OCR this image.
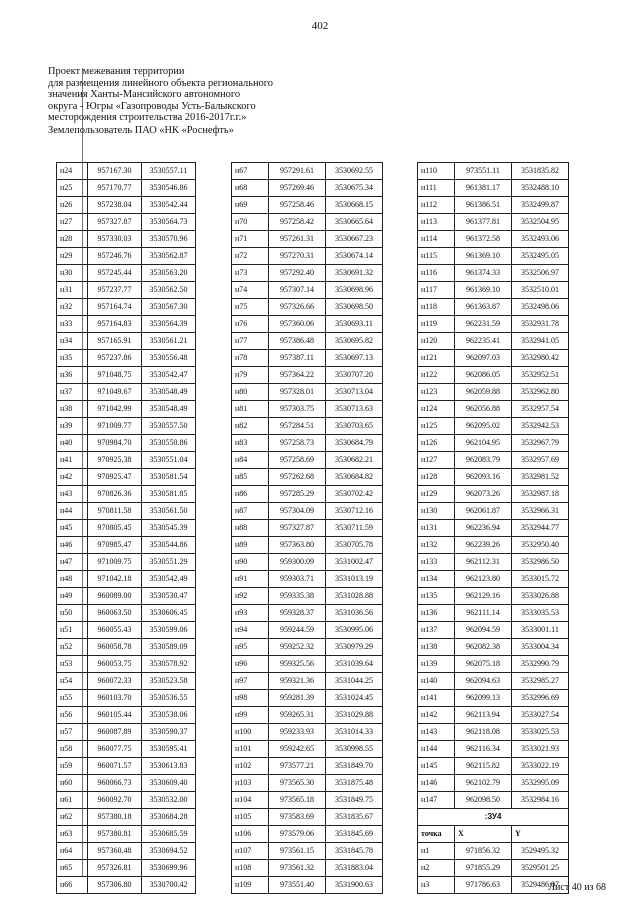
402
Проект межевания территории
для размещения линейного объекта регионального
значения Ханты-Мансийского автономного
округа - Югры «Газопроводы Усть-Балыкского
месторождения строительства 2016-2017г.г.»
Землепользователь ПАО «НК «Роснефть»
н24	957167.30	3530557.11
н25	957170.77	3530546.86
н26	957238.04	3530542.44
н27	957327.87	3530564.73
н28	957330.03	3530570.96
н29	957246.76	3530562.87
н30	957245.44	3530563.20
н31	957237.77	3530562.50
н32	957164.74	3530567.30
н33	957164.83	3530564.39
н34	957165.91	3530561.21
н35	957237.86	3530556.48
н36	971048.75	3530542.47
н37	971049.67	3530548.49
н38	971042.99	3530548.49
н39	971009.77	3530557.50
н40	970984.70	3530550.86
н41	970925.38	3530551.04
н42	970925.47	3530581.54
н43	970826.36	3530581.85
н44	970811.58	3530561.50
н45	970805.45	3530545.39
н46	970985.47	3530544.86
н47	971009.75	3530551.29
н48	971042.18	3530542.49
н49	960089.00	3530530.47
н50	960063.50	3530606.45
н51	960055.43	3530599.06
н52	960058.78	3530589.09
н53	960053.75	3530578.92
н54	960072.33	3530523.58
н55	960103.70	3530536.55
н56	960105.44	3530538.06
н57	960087.89	3530590.37
н58	960077.75	3530595.41
н59	960071.57	3530613.83
н60	960066.73	3530609.40
н61	960092.70	3530532.00
н62	957380.18	3530684.28
н63	957380.81	3530685.59
н64	957360.48	3530694.52
н65	957326.81	3530699.96
н66	957306.80	3530700.42
н67	957291.61	3530692.55
н68	957269.46	3530675.34
н69	957258.46	3530668.15
н70	957258.42	3530665.64
н71	957261.31	3530667.23
н72	957270.31	3530674.14
н73	957292.40	3530691.32
н74	957307.14	3530698.96
н75	957326.66	3530698.50
н76	957360.06	3530693.11
н77	957386.48	3530695.82
н78	957387.11	3530697.13
н79	957364.22	3530707.20
н80	957328.01	3530713.04
н81	957303.75	3530713.63
н82	957284.51	3530703.65
н83	957258.73	3530684.79
н84	957258.69	3530682.21
н85	957262.68	3530684.82
н86	957285.29	3530702.42
н87	957304.09	3530712.16
н88	957327.87	3530711.59
н89	957363.80	3530705.78
н90	959300.09	3531002.47
н91	959303.71	3531013.19
н92	959335.38	3531028.88
н93	959328.37	3531036.56
н94	959244.59	3530995.06
н95	959252.32	3530979.29
н96	959325.56	3531039.64
н97	959321.36	3531044.25
н98	959281.39	3531024.45
н99	959265.31	3531029.88
н100	959233.93	3531014.33
н101	959242.65	3530998.55
н102	973577.21	3531849.70
н103	973565.30	3531875.48
н104	973565.18	3531849.75
н105	973583.69	3531835.67
н106	973579.06	3531845.69
н107	973561.15	3531845.78
н108	973561.32	3531883.04
н109	973551.40	3531900.63
н110	973551.11	3531835.82
н111	961381.17	3532488.10
н112	961386.51	3532499.87
н113	961377.81	3532504.95
н114	961372.58	3532493.06
н115	961369.10	3532495.05
н116	961374.33	3532506.97
н117	961369.10	3532510.01
н118	961363.87	3532498.06
н119	962231.59	3532931.78
н120	962235.41	3532941.05
н121	962097.03	3532980.42
н122	962086.05	3532952.51
н123	962059.88	3532962.80
н124	962056.88	3532957.54
н125	962095.02	3532942.53
н126	962104.95	3532967.79
н127	962083.79	3532957.69
н128	962093.16	3532981.52
н129	962073.26	3532987.18
н130	962061.87	3532966.31
н131	962236.94	3532944.77
н132	962239.26	3532950.40
н133	962112.31	3532986.50
н134	962123.80	3533015.72
н135	962129.16	3533026.88
н136	962111.14	3533035.53
н137	962094.59	3533001.11
н138	962082.38	3533004.34
н139	962075.18	3532990.79
н140	962094.63	3532985.27
н141	962099.13	3532996.69
н142	962113.94	3533027.54
н143	962118.08	3533025.53
н144	962116.34	3533021.93
н145	962115.82	3533022.19
н146	962102.79	3532995.09
н147	962098.50	3532984.16
:ЗУ4		
точка	X	Y
н1	971856.32	3529495.32
н2	971855.29	3529501.25
н3	971786.63	3529486.07
Лист 40 из 68
